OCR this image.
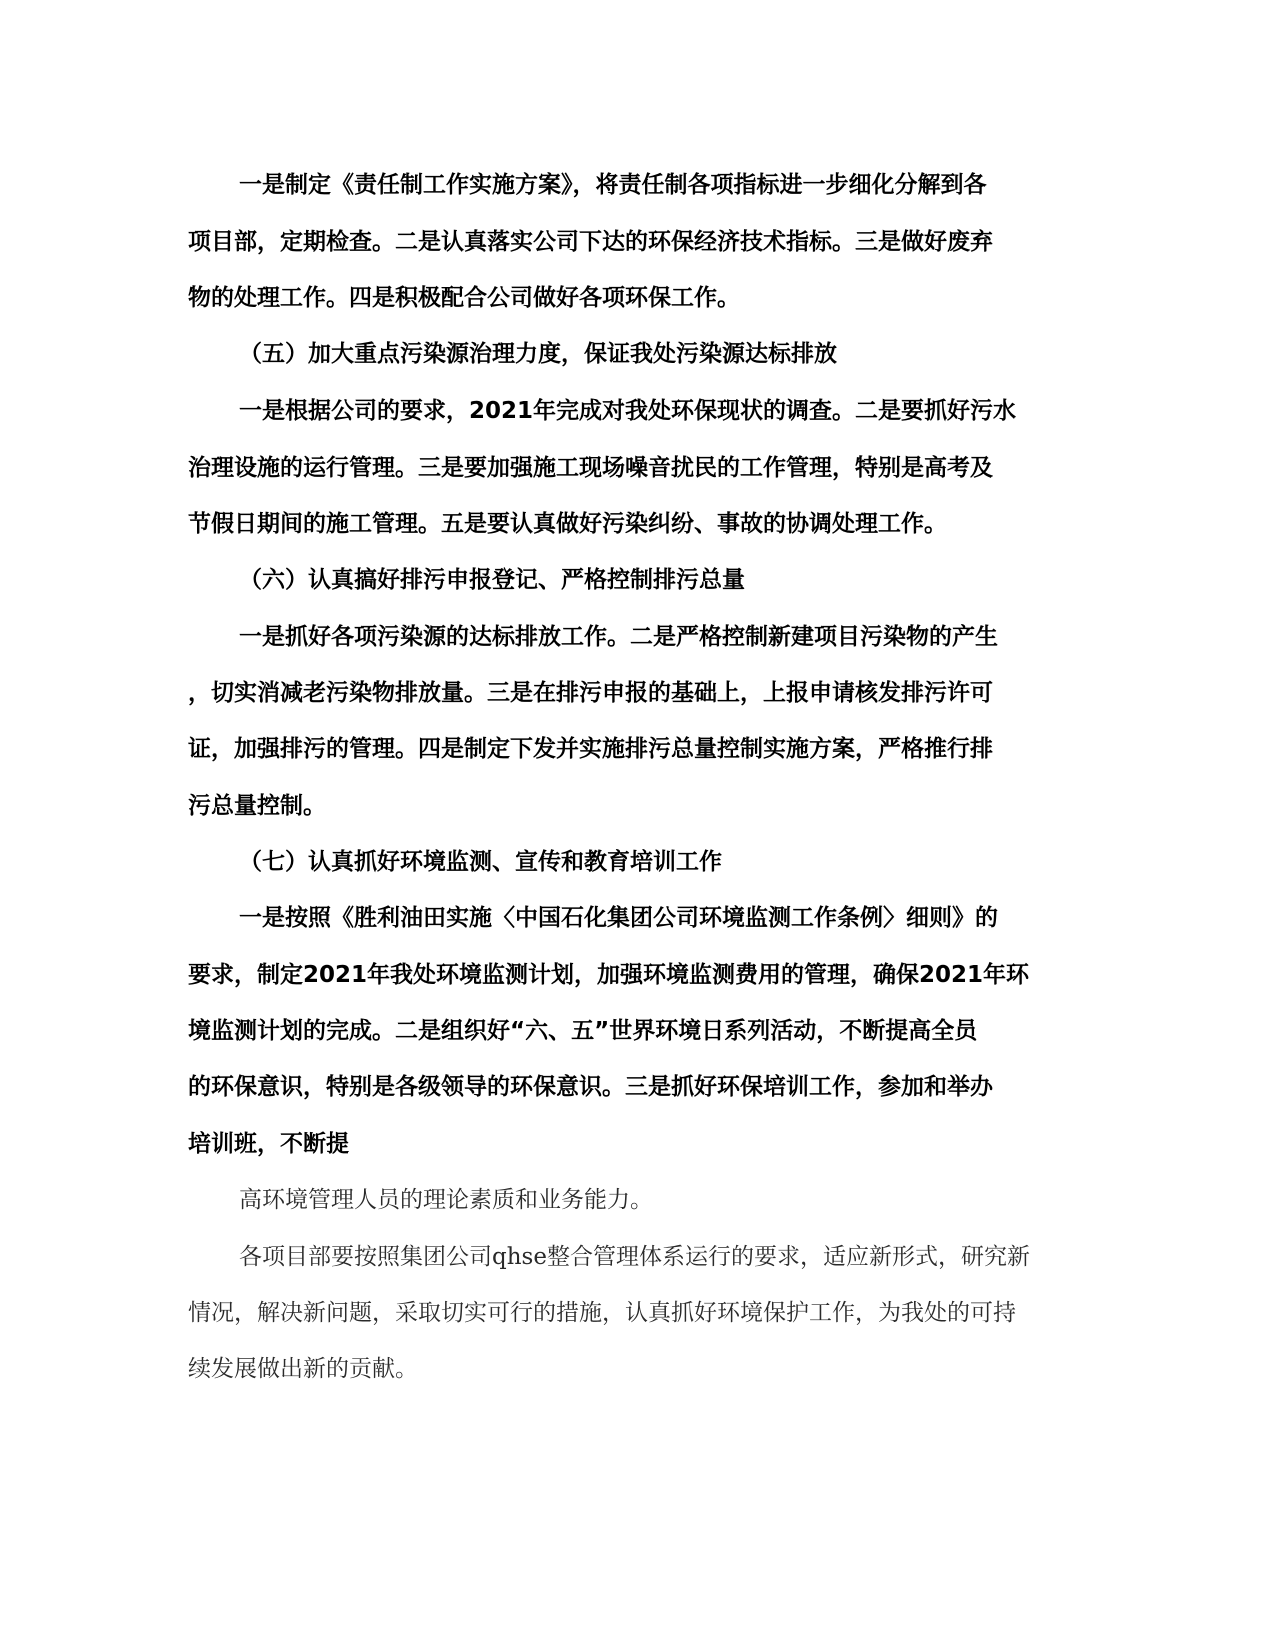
一是制定《责任制工作实施方案》，将责任制各项指标进一步细化分解到各

项目部，定期检查。二是认真落实公司下达的环保经济技术指标。三是做好废弃

物的处理工作。四是积极配合公司做好各项环保工作。

（五）加大重点污染源治理力度，保证我处污染源达标排放

一是根据公司的要求，2021年完成对我处环保现状的调查。二是要抓好污水

治理设施的运行管理。三是要加强施工现场噪音扰民的工作管理，特别是高考及

节假日期间的施工管理。五是要认真做好污染纠纷、事故的协调处理工作。

（六）认真搞好排污申报登记、严格控制排污总量

一是抓好各项污染源的达标排放工作。二是严格控制新建项目污染物的产生

，切实消减老污染物排放量。三是在排污申报的基础上，上报申请核发排污许可

证，加强排污的管理。四是制定下发并实施排污总量控制实施方案，严格推行排

污总量控制。

（七）认真抓好环境监测、宣传和教育培训工作

一是按照《胜利油田实施〈中国石化集团公司环境监测工作条例〉细则》的

要求，制定2021年我处环境监测计划，加强环境监测费用的管理，确保2021年环

境监测计划的完成。二是组织好“六、五”世界环境日系列活动，不断提高全员

的环保意识，特别是各级领导的环保意识。三是抓好环保培训工作，参加和举办

培训班，不断提

高环境管理人员的理论素质和业务能力。

各项目部要按照集团公司qhse整合管理体系运行的要求，适应新形式，研究新

情况，解决新问题，采取切实可行的措施，认真抓好环境保护工作，为我处的可持

续发展做出新的贡献。
